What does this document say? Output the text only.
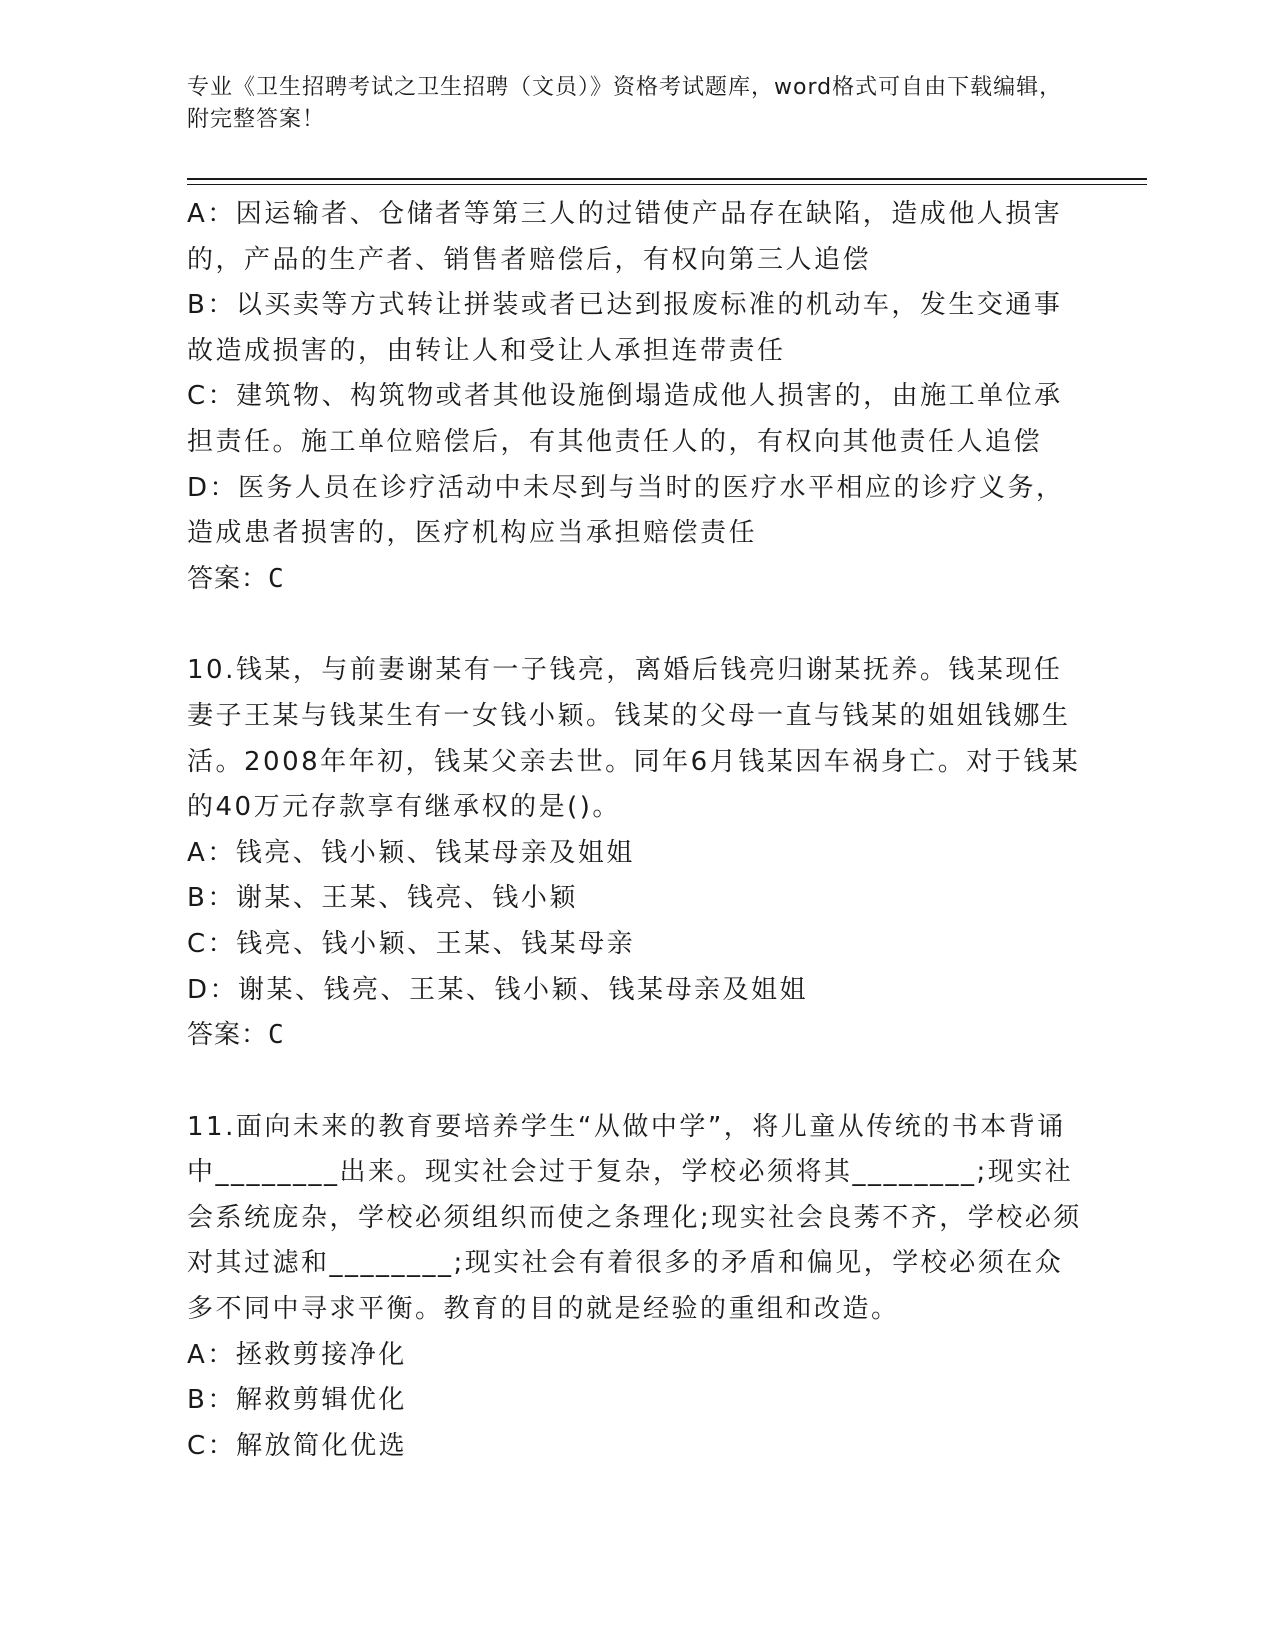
专业《卫生招聘考试之卫生招聘（文员）》资格考试题库，word格式可自由下载编辑，附完整答案！

A：因运输者、仓储者等第三人的过错使产品存在缺陷，造成他人损害的，产品的生产者、销售者赔偿后，有权向第三人追偿

B：以买卖等方式转让拼装或者已达到报废标准的机动车，发生交通事故造成损害的，由转让人和受让人承担连带责任

C：建筑物、构筑物或者其他设施倒塌造成他人损害的，由施工单位承担责任。施工单位赔偿后，有其他责任人的，有权向其他责任人追偿

D：医务人员在诊疗活动中未尽到与当时的医疗水平相应的诊疗义务，造成患者损害的，医疗机构应当承担赔偿责任

答案：C

10.钱某，与前妻谢某有一子钱亮，离婚后钱亮归谢某抚养。钱某现任妻子王某与钱某生有一女钱小颖。钱某的父母一直与钱某的姐姐钱娜生活。2008年年初，钱某父亲去世。同年6月钱某因车祸身亡。对于钱某的40万元存款享有继承权的是()。

A：钱亮、钱小颖、钱某母亲及姐姐

B：谢某、王某、钱亮、钱小颖

C：钱亮、钱小颖、王某、钱某母亲

D：谢某、钱亮、王某、钱小颖、钱某母亲及姐姐

答案：C

11.面向未来的教育要培养学生“从做中学”，将儿童从传统的书本背诵中________出来。现实社会过于复杂，学校必须将其________;现实社会系统庞杂，学校必须组织而使之条理化;现实社会良莠不齐，学校必须对其过滤和________;现实社会有着很多的矛盾和偏见，学校必须在众多不同中寻求平衡。教育的目的就是经验的重组和改造。

A：拯救剪接净化

B：解救剪辑优化

C：解放简化优选
